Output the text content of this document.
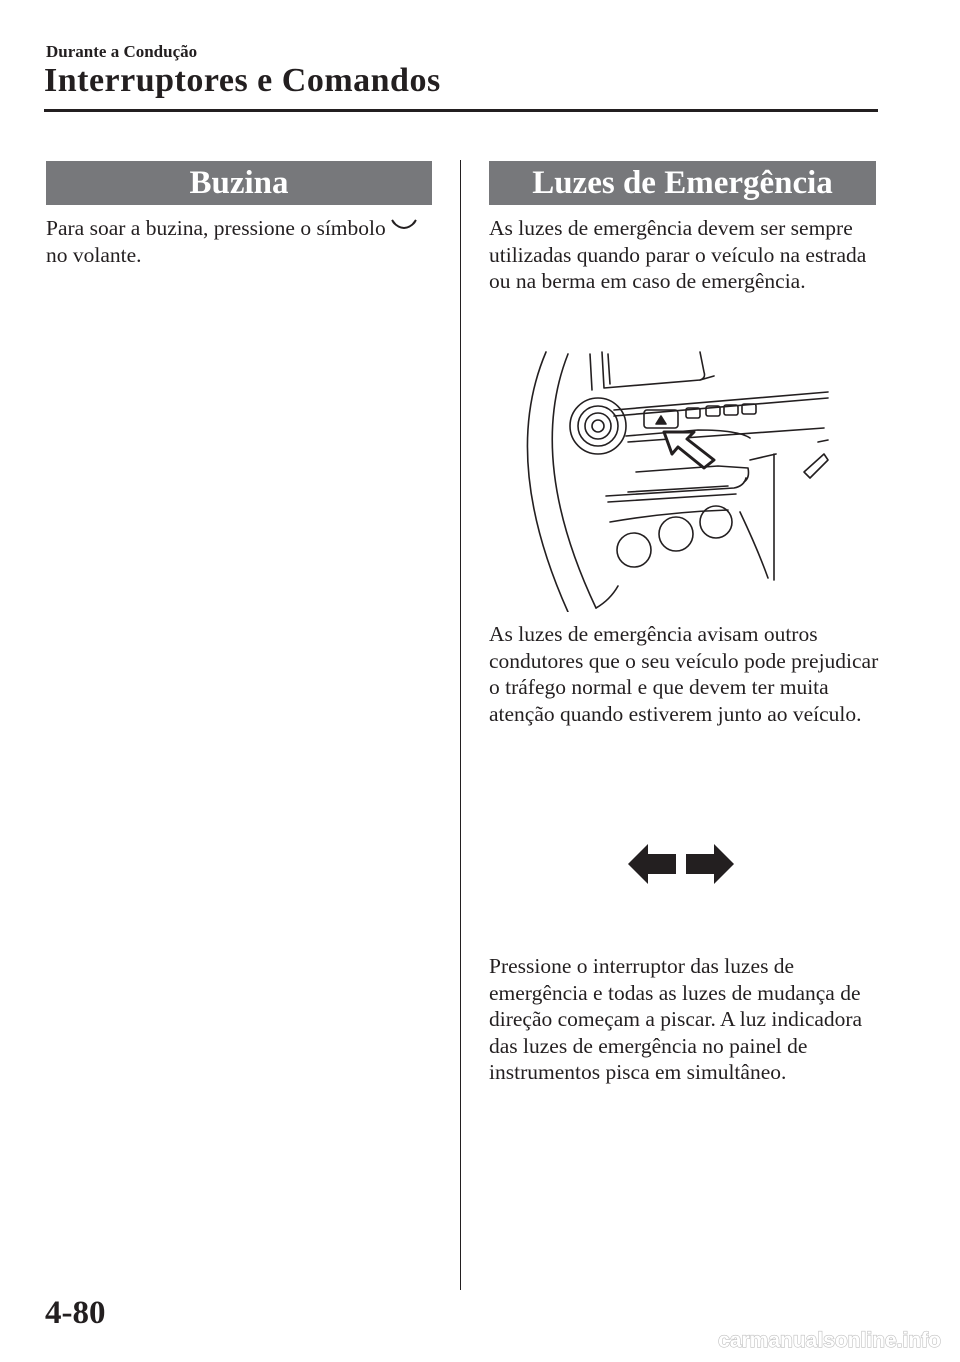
Durante a Condução
Interruptores e Comandos
Buzina

Para soar a buzina, pressione o símbolo  no volante.

Luzes de Emergência

As luzes de emergência devem ser sempre utilizadas quando parar o veículo na estrada ou na berma em caso de emergência.

As luzes de emergência avisam outros condutores que o seu veículo pode prejudicar o tráfego normal e que devem ter muita atenção quando estiverem junto ao veículo.

Pressione o interruptor das luzes de emergência e todas as luzes de mudança de direção começam a piscar. A luz indicadora das luzes de emergência no painel de instrumentos pisca em simultâneo.

4-80
carmanualsonline.info
